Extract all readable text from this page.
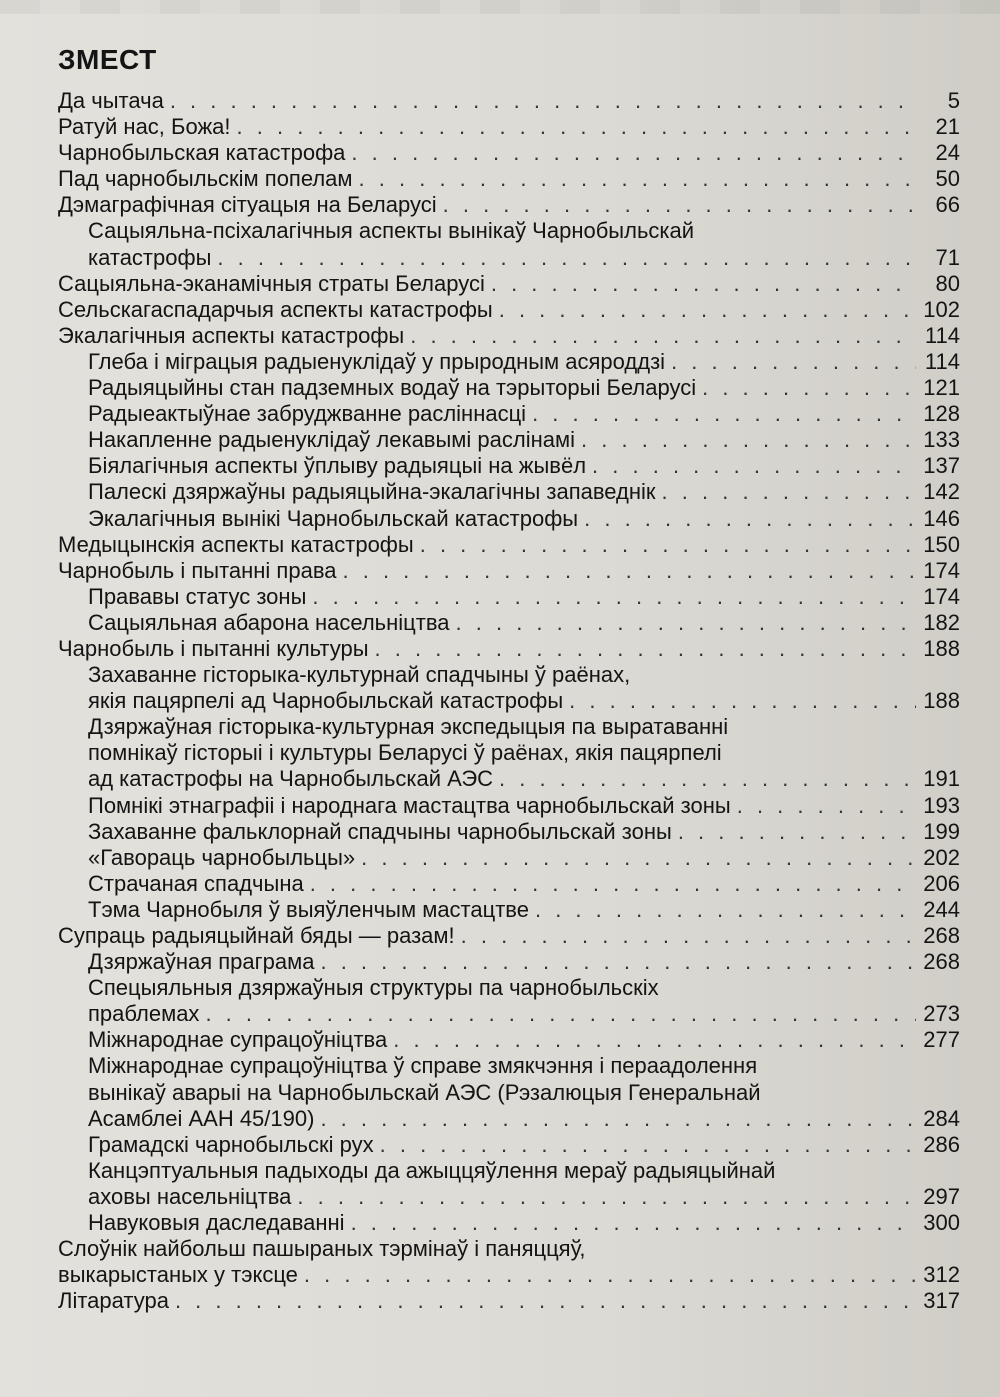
ЗМЕСТ
Да чытача . . .	5
Ратуй нас, Божа! . . .	21
Чарнобыльская катастрофа . . .	24
Пад чарнобыльскім попелам . . .	50
Дэмаграфічная сітуацыя на Беларусі . . .	66
Сацыяльна-псіхалагічныя аспекты вынікаў Чарнобыльскай
катастрофы . . .	71
Сацыяльна-эканамічныя страты Беларусі . . .	80
Сельскагаспадарчыя аспекты катастрофы . . .	102
Экалагічныя аспекты катастрофы . . .	114
Глеба і міграцыя радыенуклідаў у прыродным асяроддзі . . .	114
Радыяцыйны стан падземных водаў на тэрыторыі Беларусі . . .	121
Радыеактыўнае забруджванне раслiннасці . . .	128
Накапленне радыенуклідаў лекавымі раслінамі . . .	133
Біялагічныя аспекты ўплыву радыяцыі на жывёл . . .	137
Палескі дзяржаўны радыяцыйна-экалагічны запаведнік . . .	142
Экалагічныя вынікі Чарнобыльскай катастрофы . . .	146
Медыцынскія аспекты катастрофы . . .	150
Чарнобыль і пытанні права . . .	174
Прававы статус зоны . . .	174
Сацыяльная абарона насельніцтва . . .	182
Чарнобыль і пытанні культуры . . .	188
Захаванне гісторыка-культурнай спадчыны ў раёнах,
якія пацярпелі ад Чарнобыльскай катастрофы . . .	188
Дзяржаўная гісторыка-культурная экспедыцыя па выратаванні
помнікаў гісторыі і культуры Беларусі ў раёнах, якія пацярпелі
ад катастрофы на Чарнобыльскай АЭС . . .	191
Помнікі этнаграфіі і народнага мастацтва чарнобыльскай зоны . . .	193
Захаванне фальклорнай спадчыны чарнобыльскай зоны . . .	199
«Гавораць чарнобыльцы» . . .	202
Страчаная спадчына . . .	206
Тэма Чарнобыля ў выяўленчым мастацтве . . .	244
Супраць радыяцыйнай бяды — разам! . . .	268
Дзяржаўная праграма . . .	268
Спецыяльныя дзяржаўныя структуры па чарнобыльскіх
праблемах . . .	273
Міжнароднае супрацоўніцтва . . .	277
Міжнароднае супрацоўніцтва ў справе змякчэння і пераадолення
вынікаў аварыі на Чарнобыльскай АЭС (Рэзалюцыя Генеральнай
Асамблеі ААН 45/190) . . .	284
Грамадскі чарнобыльскі рух . . .	286
Канцэптуальныя падыходы да ажыццяўлення мераў радыяцыйнай
аховы насельніцтва . . .	297
Навуковыя даследаванні . . .	300
Слоўнік найбольш пашыраных тэрмінаў і паняццяў,
выкарыстаных у тэксце . . .	312
Літаратура . . .	317
